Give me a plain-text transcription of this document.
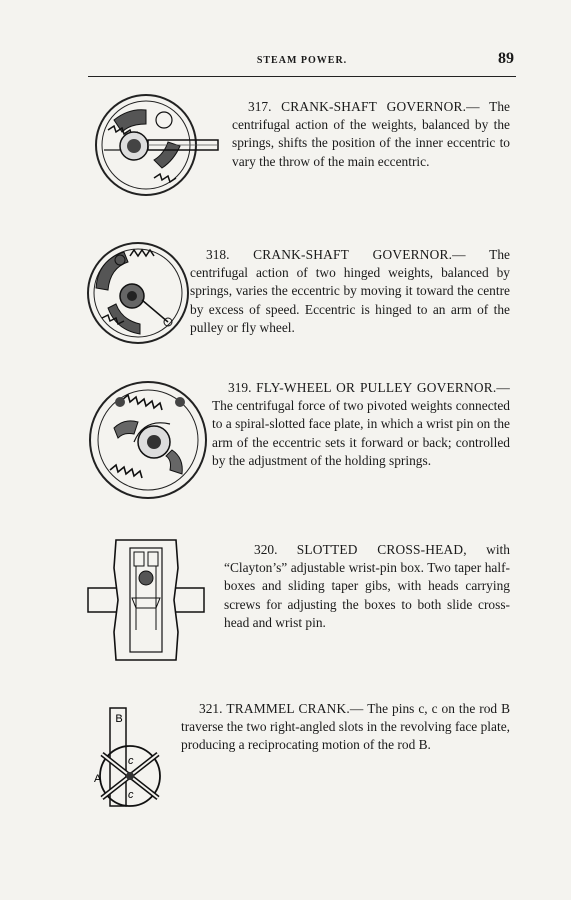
STEAM POWER.	89
317. CRANK-SHAFT GOVERNOR.— The centrifugal action of the weights, balanced by the springs, shifts the position of the inner eccentric to vary the throw of the main eccentric.
318. CRANK-SHAFT GOVERNOR.— The centrifugal action of two hinged weights, balanced by springs, varies the eccentric by moving it toward the centre by excess of speed. Eccentric is hinged to an arm of the pulley or fly wheel.
319. FLY-WHEEL OR PULLEY GOVERNOR.— The centrifugal force of two pivoted weights connected to a spiral-slotted face plate, in which a wrist pin on the arm of the eccentric sets it forward or back; controlled by the adjustment of the holding springs.
320. SLOTTED CROSS-HEAD, with “Clayton’s” adjustable wrist-pin box. Two taper half-boxes and sliding taper gibs, with heads carrying screws for adjusting the boxes to both slide cross-head and wrist pin.
B
A
c
c
321. TRAMMEL CRANK.— The pins c, c on the rod B traverse the two right-angled slots in the revolving face plate, producing a reciprocating motion of the rod B.
